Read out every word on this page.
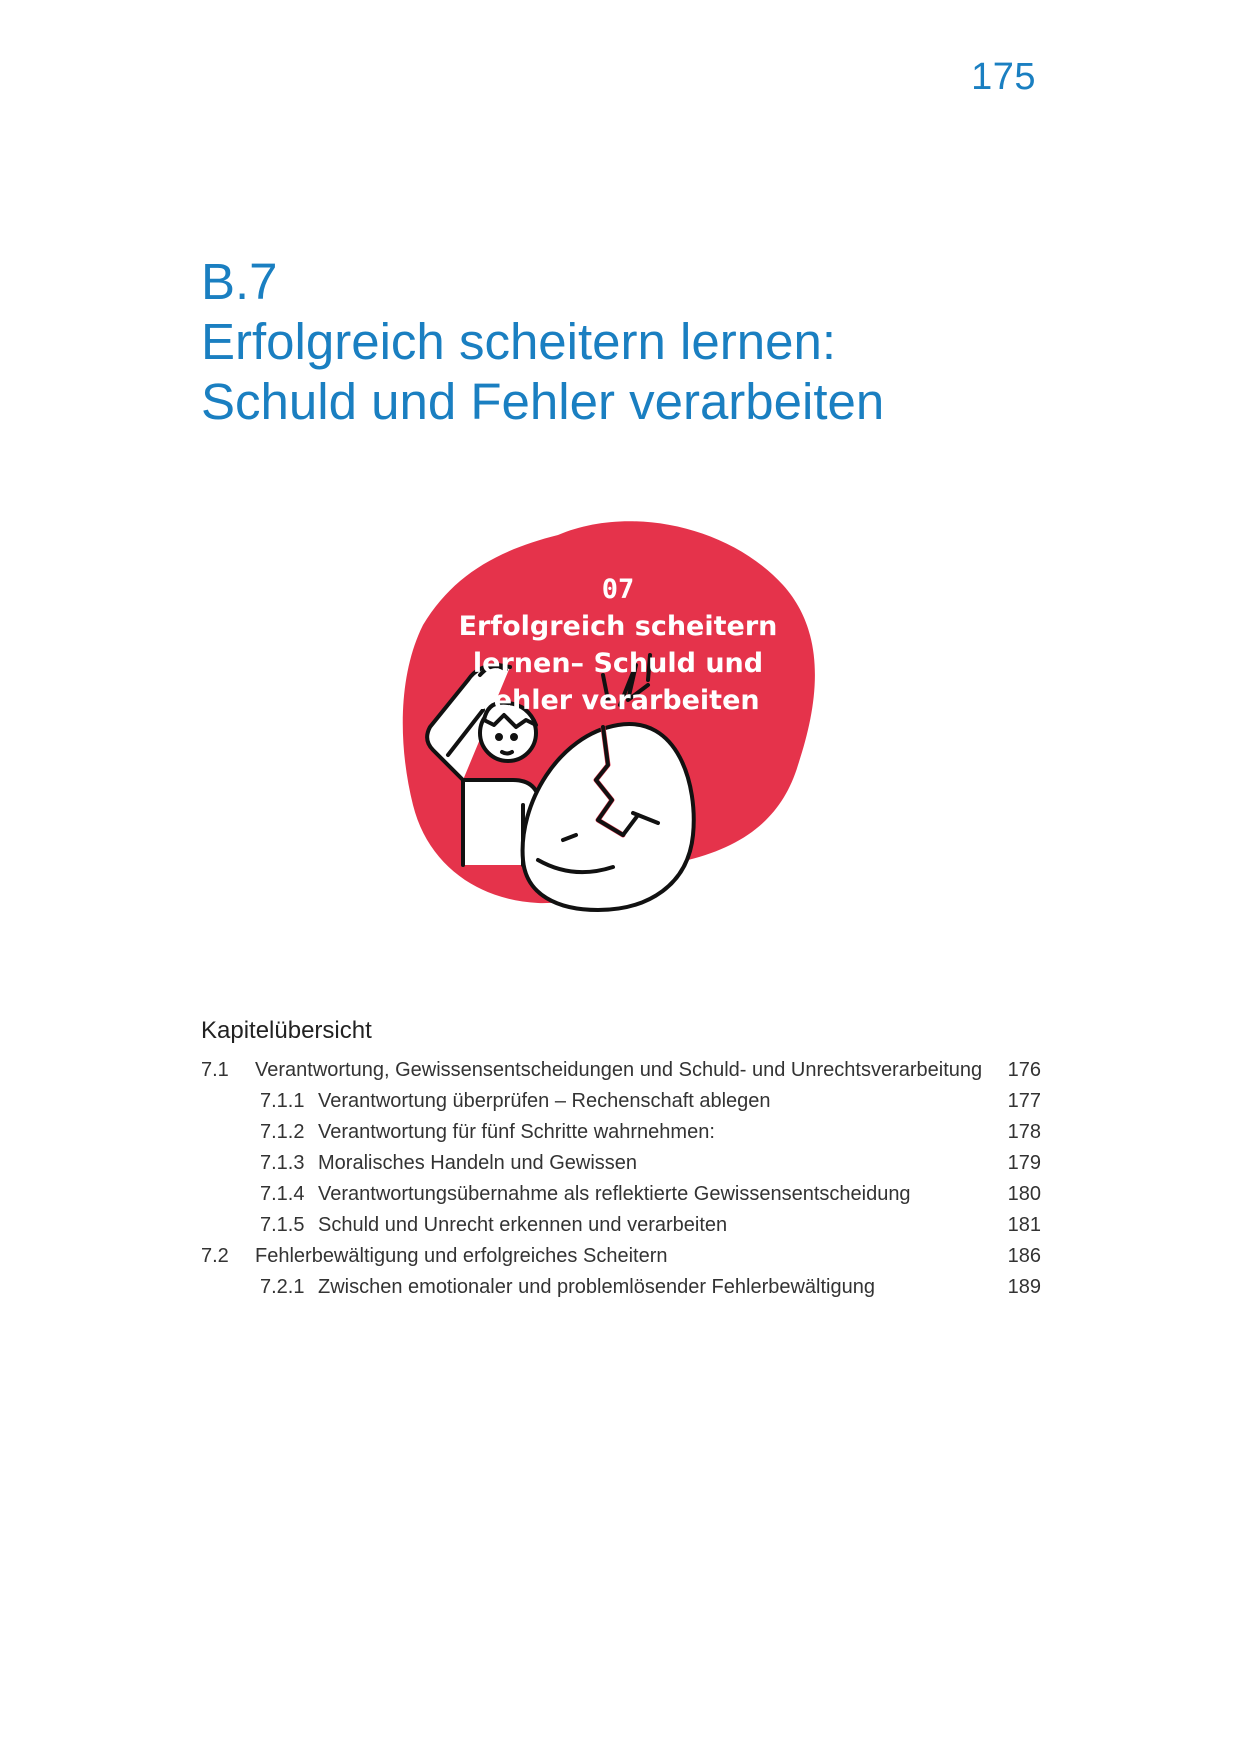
175
B.7
Erfolgreich scheitern lernen:
Schuld und Fehler verarbeiten
07
Erfolgreich scheitern
lernen– Schuld und
Fehler verarbeiten
Kapitelübersicht
7.1	Verantwortung, Gewissensentscheidungen und Schuld- und Unrechtsverarbeitung	176
7.1.1 Verantwortung überprüfen – Rechenschaft ablegen	177
7.1.2 Verantwortung für fünf Schritte wahrnehmen:	178
7.1.3 Moralisches Handeln und Gewissen	179
7.1.4 Verantwortungsübernahme als reflektierte Gewissensentscheidung	180
7.1.5 Schuld und Unrecht erkennen und verarbeiten	181
7.2	Fehlerbewältigung und erfolgreiches Scheitern	186
7.2.1 Zwischen emotionaler und problemlösender Fehlerbewältigung	189
